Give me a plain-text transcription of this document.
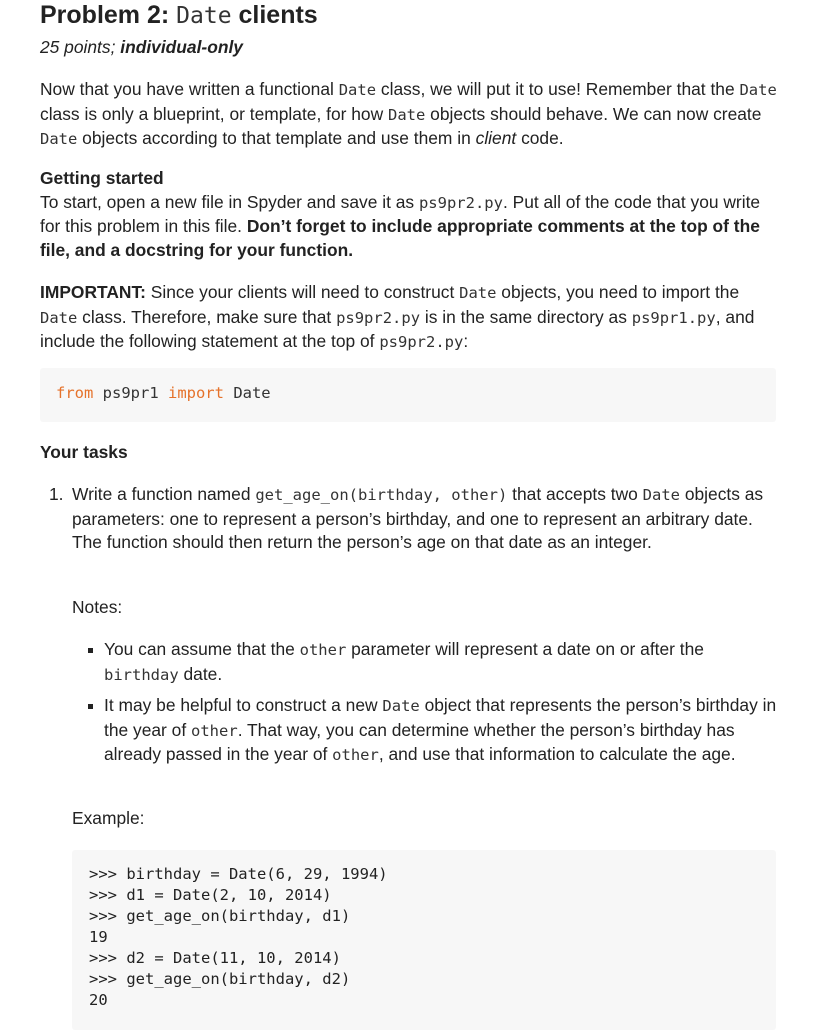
Problem 2: Date clients
25 points; individual-only
Now that you have written a functional Date class, we will put it to use! Remember that the Date class is only a blueprint, or template, for how Date objects should behave. We can now create Date objects according to that template and use them in client code.
Getting started
To start, open a new file in Spyder and save it as ps9pr2.py. Put all of the code that you write for this problem in this file. Don’t forget to include appropriate comments at the top of the file, and a docstring for your function.
IMPORTANT: Since your clients will need to construct Date objects, you need to import the Date class. Therefore, make sure that ps9pr2.py is in the same directory as ps9pr1.py, and include the following statement at the top of ps9pr2.py:
from ps9pr1 import Date
Your tasks
1. Write a function named get_age_on(birthday, other) that accepts two Date objects as parameters: one to represent a person’s birthday, and one to represent an arbitrary date. The function should then return the person’s age on that date as an integer.
Notes:
You can assume that the other parameter will represent a date on or after the birthday date.
It may be helpful to construct a new Date object that represents the person’s birthday in the year of other. That way, you can determine whether the person’s birthday has already passed in the year of other, and use that information to calculate the age.
Example:
>>> birthday = Date(6, 29, 1994)
>>> d1 = Date(2, 10, 2014)
>>> get_age_on(birthday, d1)
19
>>> d2 = Date(11, 10, 2014)
>>> get_age_on(birthday, d2)
20
